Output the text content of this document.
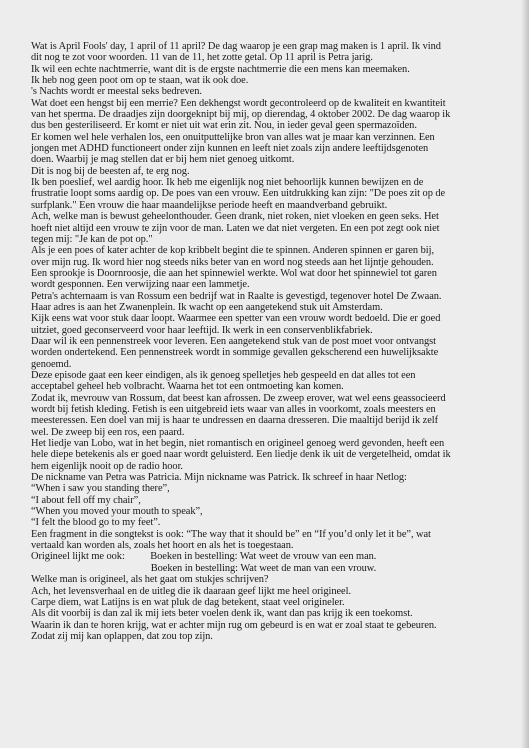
Wat is April Fools' day, 1 april of 11 april? De dag waarop je een grap mag maken is 1 april. Ik vind
dit nog te zot voor woorden. 11 van de 11, het zotte getal. Op 11 april is Petra jarig.
Ik wil een echte nachtmerrie, want dit is de ergste nachtmerrie die een mens kan meemaken.
Ik heb nog geen poot om op te staan, wat ik ook doe.
's Nachts wordt er meestal seks bedreven.
Wat doet een hengst bij een merrie? Een dekhengst wordt gecontroleerd op de kwaliteit en kwantiteit
van het sperma. De draadjes zijn doorgeknipt bij mij, op dierendag, 4 oktober 2002. De dag waarop ik
dus ben gesteriliseerd. Er komt er niet uit wat erin zit. Nou, in ieder geval geen spermazoïden.
Er komen wel hele verhalen los, een onuitputtelijke bron van alles wat je maar kan verzinnen. Een
jongen met ADHD functioneert onder zijn kunnen en leeft niet zoals zijn andere leeftijdsgenoten
doen. Waarbij je mag stellen dat er bij hem niet genoeg uitkomt.
Dit is nog bij de beesten af, te erg nog.
Ik ben poeslief, wel aardig hoor. Ik heb me eigenlijk nog niet behoorlijk kunnen bewijzen en de
frustratie loopt soms aardig op. De poes van een vrouw. Een uitdrukking kan zijn: "De poes zit op de
surfplank." Een vrouw die haar maandelijkse periode heeft en maandverband gebruikt.
Ach, welke man is bewust geheelonthouder. Geen drank, niet roken, niet vloeken en geen seks. Het
hoeft niet altijd een vrouw te zijn voor de man. Laten we dat niet vergeten. En een pot zegt ook niet
tegen mij: "Je kan de pot op."
Als je een poes of kater achter de kop kribbelt begint die te spinnen. Anderen spinnen er garen bij,
over mijn rug. Ik word hier nog steeds niks beter van en word nog steeds aan het lijntje gehouden.
Een sprookje is Doornroosje, die aan het spinnewiel werkte. Wol wat door het spinnewiel tot garen
wordt gesponnen. Een verwijzing naar een lammetje.
Petra's achternaam is van Rossum een bedrijf wat in Raalte is gevestigd, tegenover hotel De Zwaan.
Haar adres is aan het Zwanenplein. Ik wacht op een aangetekend stuk uit Amsterdam.
Kijk eens wat voor stuk daar loopt. Waarmee een spetter van een vrouw wordt bedoeld. Die er goed
uitziet, goed geconserveerd voor haar leeftijd. Ik werk in een conservenblikfabriek.
Daar wil ik een pennenstreek voor leveren. Een aangetekend stuk van de post moet voor ontvangst
worden ondertekend. Een pennenstreek wordt in sommige gevallen gekscherend een huwelijksakte
genoemd.
Deze episode gaat een keer eindigen, als ik genoeg spelletjes heb gespeeld en dat alles tot een
acceptabel geheel heb volbracht. Waarna het tot een ontmoeting kan komen.
Zodat ik, mevrouw van Rossum, dat beest kan afrossen. De zweep erover, wat wel eens geassocieerd
wordt bij fetish kleding. Fetish is een uitgebreid iets waar van alles in voorkomt, zoals meesters en
meesteressen. Een doel van mij is haar te undressen en daarna dresseren. Die maaltijd berijd ik zelf
wel. De zweep bij een ros, een paard.
Het liedje van Lobo, wat in het begin, niet romantisch en origineel genoeg werd gevonden, heeft een
hele diepe betekenis als er goed naar wordt geluisterd. Een liedje denk ik uit de vergetelheid, omdat ik
hem eigenlijk nooit op de radio hoor.
De nickname van Petra was Patricia. Mijn nickname was Patrick. Ik schreef in haar Netlog:
“When i saw you standing there”,
“I about fell off my chair”,
“When you moved your mouth to speak”,
“I felt the blood go to my feet”.
Een fragment in die songtekst is ook: “The way that it should be” en “If you’d only let it be”, wat
vertaald kan worden als, zoals het hoort en als het is toegestaan.
Origineel lijkt me ook:          Boeken in bestelling: Wat weet de vrouw van een man.
Boeken in bestelling: Wat weet de man van een vrouw.
Welke man is origineel, als het gaat om stukjes schrijven?
Ach, het levensverhaal en de uitleg die ik daaraan geef lijkt me heel origineel.
Carpe diem, wat Latijns is en wat pluk de dag betekent, staat veel origineler.
Als dit voorbij is dan zal ik mij iets beter voelen denk ik, want dan pas krijg ik een toekomst.
Waarin ik dan te horen krijg, wat er achter mijn rug om gebeurd is en wat er zoal staat te gebeuren.
Zodat zij mij kan oplappen, dat zou top zijn.
